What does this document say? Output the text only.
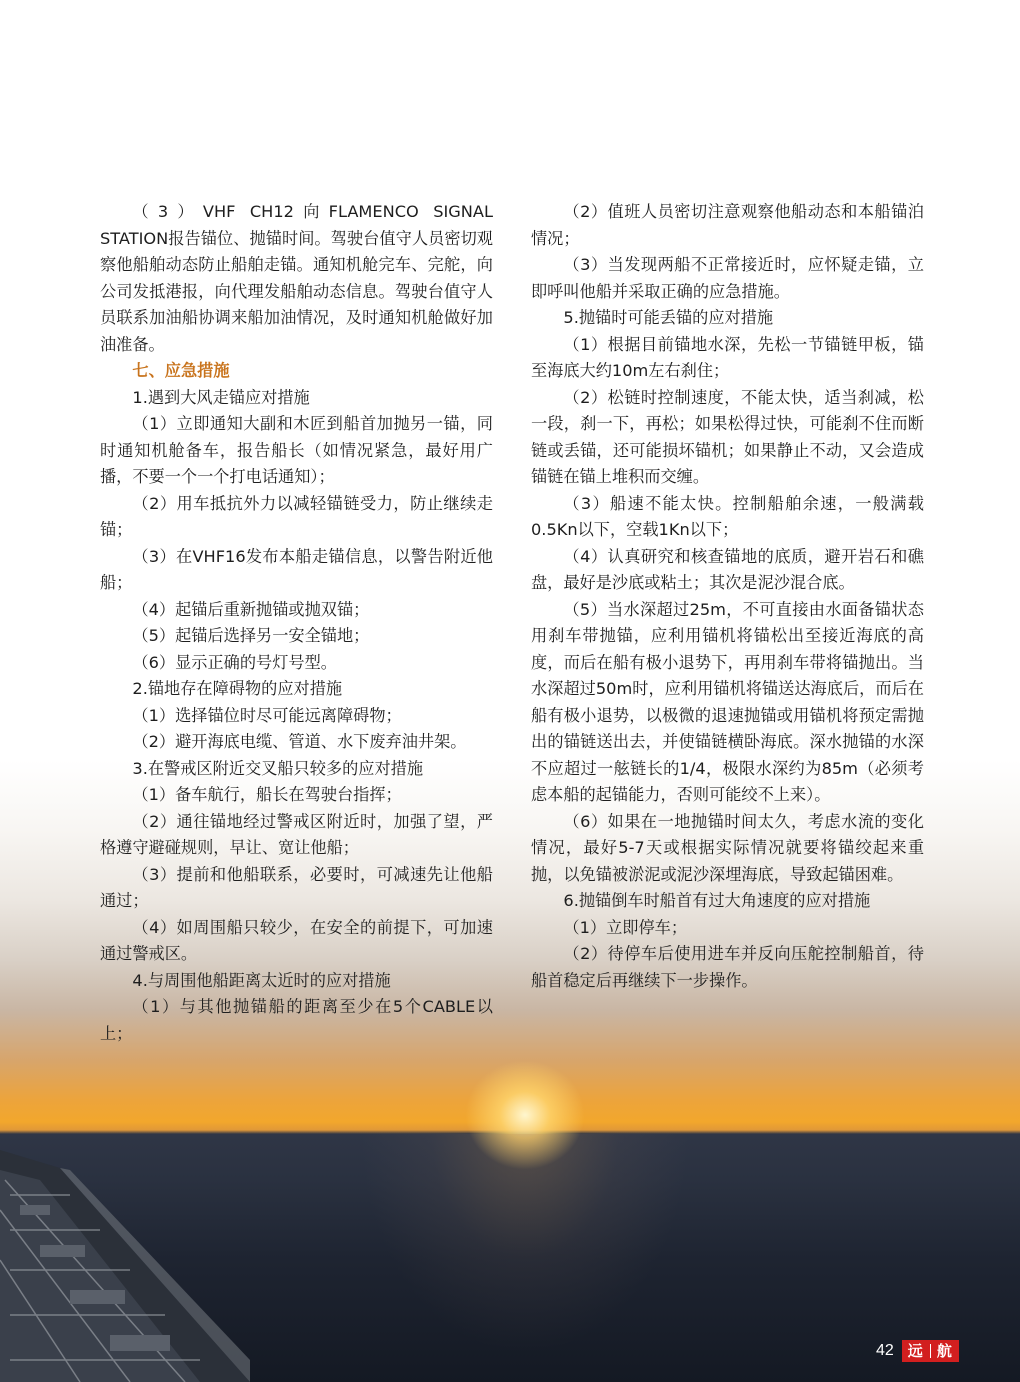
（3）VHF CH12向FLAMENCO SIGNAL STATION报告锚位、抛锚时间。驾驶台值守人员密切观察他船舶动态防止船舶走锚。通知机舱完车、完舵，向公司发抵港报，向代理发船舶动态信息。驾驶台值守人员联系加油船协调来船加油情况，及时通知机舱做好加油准备。

七、应急措施

1.遇到大风走锚应对措施

（1）立即通知大副和木匠到船首加抛另一锚，同时通知机舱备车，报告船长（如情况紧急，最好用广播，不要一个一个打电话通知）；

（2）用车抵抗外力以减轻锚链受力，防止继续走锚；

（3）在VHF16发布本船走锚信息，以警告附近他船；

（4）起锚后重新抛锚或抛双锚；

（5）起锚后选择另一安全锚地；

（6）显示正确的号灯号型。

2.锚地存在障碍物的应对措施

（1）选择锚位时尽可能远离障碍物；

（2）避开海底电缆、管道、水下废弃油井架。

3.在警戒区附近交叉船只较多的应对措施

（1）备车航行，船长在驾驶台指挥；

（2）通往锚地经过警戒区附近时，加强了望，严格遵守避碰规则，早让、宽让他船；

（3）提前和他船联系，必要时，可减速先让他船通过；

（4）如周围船只较少，在安全的前提下，可加速通过警戒区。

4.与周围他船距离太近时的应对措施

（1）与其他抛锚船的距离至少在5个CABLE以上；

（2）值班人员密切注意观察他船动态和本船锚泊情况；

（3）当发现两船不正常接近时，应怀疑走锚，立即呼叫他船并采取正确的应急措施。

5.抛锚时可能丢锚的应对措施

（1）根据目前锚地水深，先松一节锚链甲板，锚至海底大约10m左右刹住；

（2）松链时控制速度，不能太快，适当刹减，松一段，刹一下，再松；如果松得过快，可能刹不住而断链或丢锚，还可能损坏锚机；如果静止不动，又会造成锚链在锚上堆积而交缠。

（3）船速不能太快。控制船舶余速，一般满载0.5Kn以下，空载1Kn以下；

（4）认真研究和核查锚地的底质，避开岩石和礁盘，最好是沙底或粘土；其次是泥沙混合底。

（5）当水深超过25m，不可直接由水面备锚状态用刹车带抛锚，应利用锚机将锚松出至接近海底的高度，而后在船有极小退势下，再用刹车带将锚抛出。当水深超过50m时，应利用锚机将锚送达海底后，而后在船有极小退势，以极微的退速抛锚或用锚机将预定需抛出的锚链送出去，并使锚链横卧海底。深水抛锚的水深不应超过一舷链长的1/4，极限水深约为85m（必须考虑本船的起锚能力，否则可能绞不上来）。

（6）如果在一地抛锚时间太久，考虑水流的变化情况，最好5-7天或根据实际情况就要将锚绞起来重抛，以免锚被淤泥或泥沙深埋海底，导致起锚困难。

6.抛锚倒车时船首有过大角速度的应对措施

（1）立即停车；

（2）待停车后使用进车并反向压舵控制船首，待船首稳定后再继续下一步操作。

42 远 航
